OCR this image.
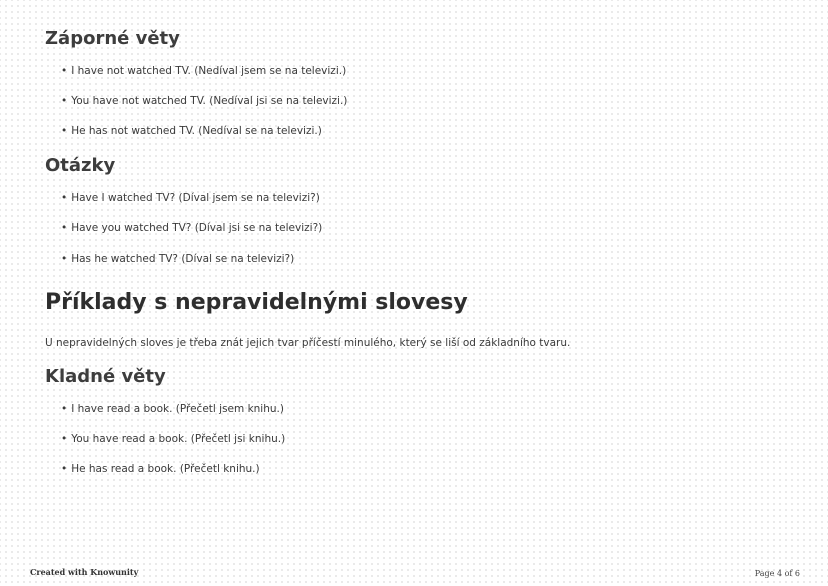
Záporné věty
• I have not watched TV. (Nedíval jsem se na televizi.)
• You have not watched TV. (Nedíval jsi se na televizi.)
• He has not watched TV. (Nedíval se na televizi.)
Otázky
• Have I watched TV? (Díval jsem se na televizi?)
• Have you watched TV? (Díval jsi se na televizi?)
• Has he watched TV? (Díval se na televizi?)
Příklady s nepravidelnými slovesy
U nepravidelných sloves je třeba znát jejich tvar příčestí minulého, který se liší od základního tvaru.
Kladné věty
• I have read a book. (Přečetl jsem knihu.)
• You have read a book. (Přečetl jsi knihu.)
• He has read a book. (Přečetl knihu.)
Created with Knowunity	Page 4 of 6
